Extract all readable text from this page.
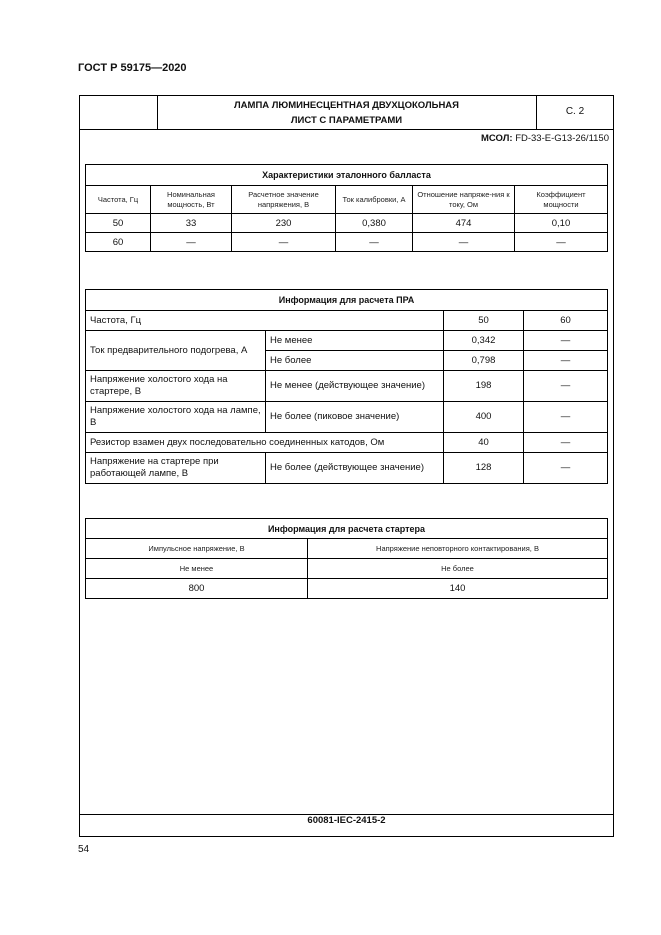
ГОСТ Р 59175—2020
ЛАМПА ЛЮМИНЕСЦЕНТНАЯ ДВУХЦОКОЛЬНАЯ
ЛИСТ С ПАРАМЕТРАМИ
С. 2
МСОЛ: FD-33-E-G13-26/1150
Характеристики эталонного балласта					
Частота, Гц	Номинальная мощность, Вт	Расчетное значение напряжения, В	Ток калибровки, А	Отношение напряже-ния к току, Ом	Коэффициент мощности
50	33	230	0,380	474	0,10
60	—	—	—	—	—
Информация для расчета ПРА			
Частота, Гц		50	60
Ток предварительного подогрева, А	Не менее	0,342	—
	Не более	0,798	—
Напряжение холостого хода на стартере, В	Не менее (действующее значение)	198	—
Напряжение холостого хода на лампе, В	Не более (пиковое значение)	400	—
Резистор взамен двух последовательно соединенных катодов, Ом		40	—
Напряжение на стартере при работающей лампе, В	Не более (действующее значение)	128	—
Информация для расчета стартера	
Импульсное напряжение, В	Напряжение неповторного контактирования, В
Не менее	Не более
800	140
60081-IEC-2415-2
54
